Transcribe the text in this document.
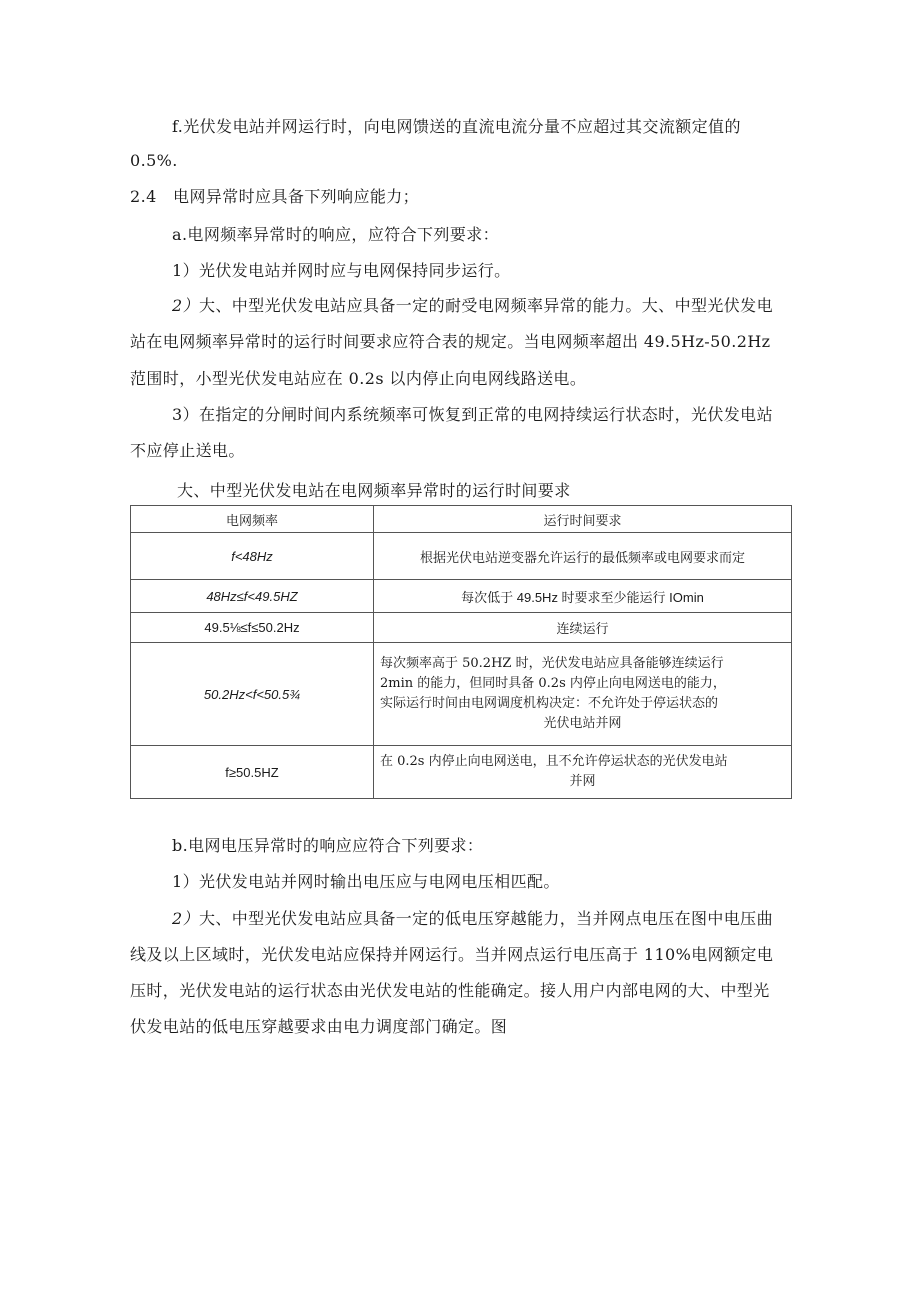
f.光伏发电站并网运行时，向电网馈送的直流电流分量不应超过其交流额定值的
0.5%.
2.4　电网异常时应具备下列响应能力；
a.电网频率异常时的响应，应符合下列要求：
1）光伏发电站并网时应与电网保持同步运行。
2）大、中型光伏发电站应具备一定的耐受电网频率异常的能力。大、中型光伏发电
站在电网频率异常时的运行时间要求应符合表的规定。当电网频率超出 49.5Hz-50.2Hz
范围时，小型光伏发电站应在 0.2s 以内停止向电网线路送电。
3）在指定的分闸时间内系统频率可恢复到正常的电网持续运行状态时，光伏发电站
不应停止送电。
大、中型光伏发电站在电网频率异常时的运行时间要求
电网频率	运行时间要求
f<48Hz	根据光伏电站逆变器允许运行的最低频率或电网要求而定
48Hz≤f<49.5HZ	每次低于 49.5Hz 时要求至少能运行 IOmin
49.5⅛≤f≤50.2Hz	连续运行
50.2Hz<f<50.5¾	每次频率高于 50.2HZ 时，光伏发电站应具备能够连续运行
2min 的能力，但同时具备 0.2s 内停止向电网送电的能力，
实际运行时间由电网调度机构决定：不允许处于停运状态的
光伏电站并网

f≥50.5HZ	在 0.2s 内停止向电网送电，且不允许停运状态的光伏发电站
并网
b.电网电压异常时的响应应符合下列要求：
1）光伏发电站并网时输出电压应与电网电压相匹配。
2）大、中型光伏发电站应具备一定的低电压穿越能力，当并网点电压在图中电压曲
线及以上区域时，光伏发电站应保持并网运行。当并网点运行电压高于 110%电网额定电
压时，光伏发电站的运行状态由光伏发电站的性能确定。接人用户内部电网的大、中型光
伏发电站的低电压穿越要求由电力调度部门确定。图
